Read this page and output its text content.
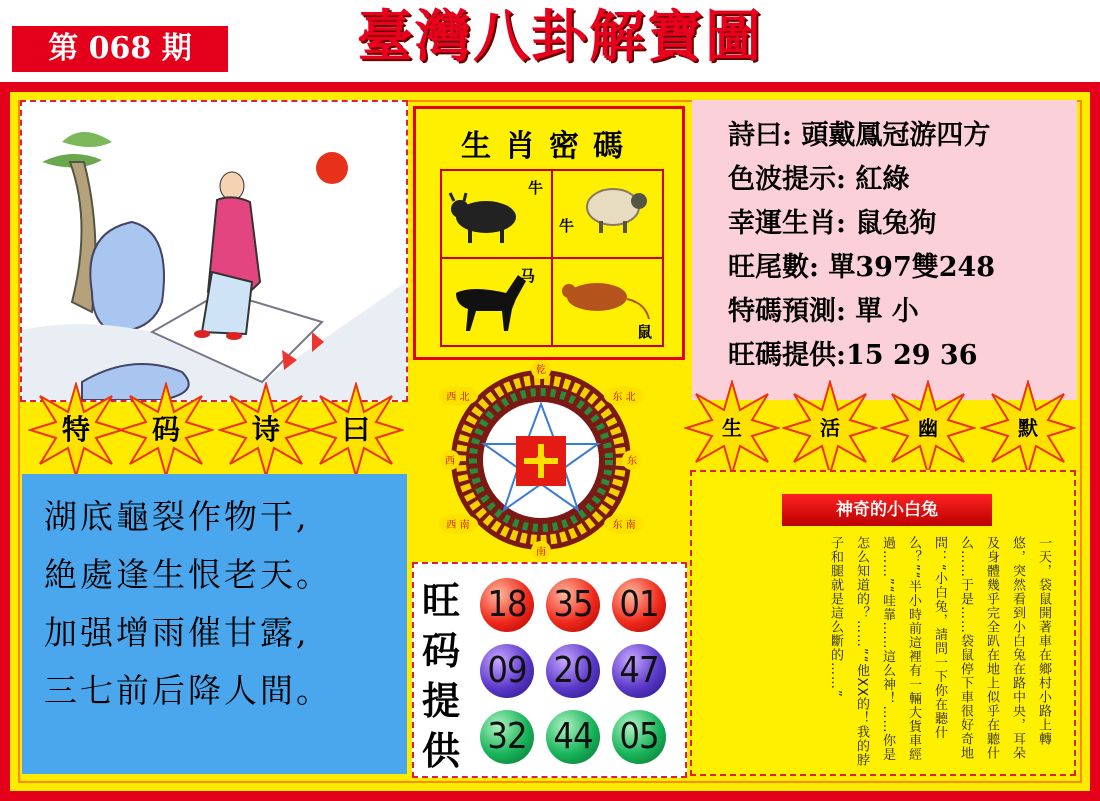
第 068 期	臺灣八卦解寶圖
特	码	诗	曰
湖底龜裂作物干,
絶處逢生恨老天。
加强增雨催甘露,
三七前后降人間。
生肖密碼
牛
牛
马
鼠
詩曰: 頭戴鳳冠游四方
色波提示: 紅綠
幸運生肖: 鼠兔狗
旺尾數: 單397雙248
特碼預測: 單 小
旺碼提供:15 29 36
生	活	幽	默
乾
南
西	东
西 北	东 北
西 南	东 南
旺码提供
18 35 01
09 20 47
32 44 05
神奇的小白兔
一天，袋鼠開著車在鄉村小路上轉悠，突然看到小白兔在路中央，耳朵及身體幾乎完全趴在地上似乎在聽什么……于是……袋鼠停下車很好奇地問：“小白兔，請問一下你在聽什么？”“半小時前這裡有一輛大貨車經過……”“哇靠……這么神！……你是怎么知道的？……”“他XX的！我的脖子和腿就是這么斷的……”
